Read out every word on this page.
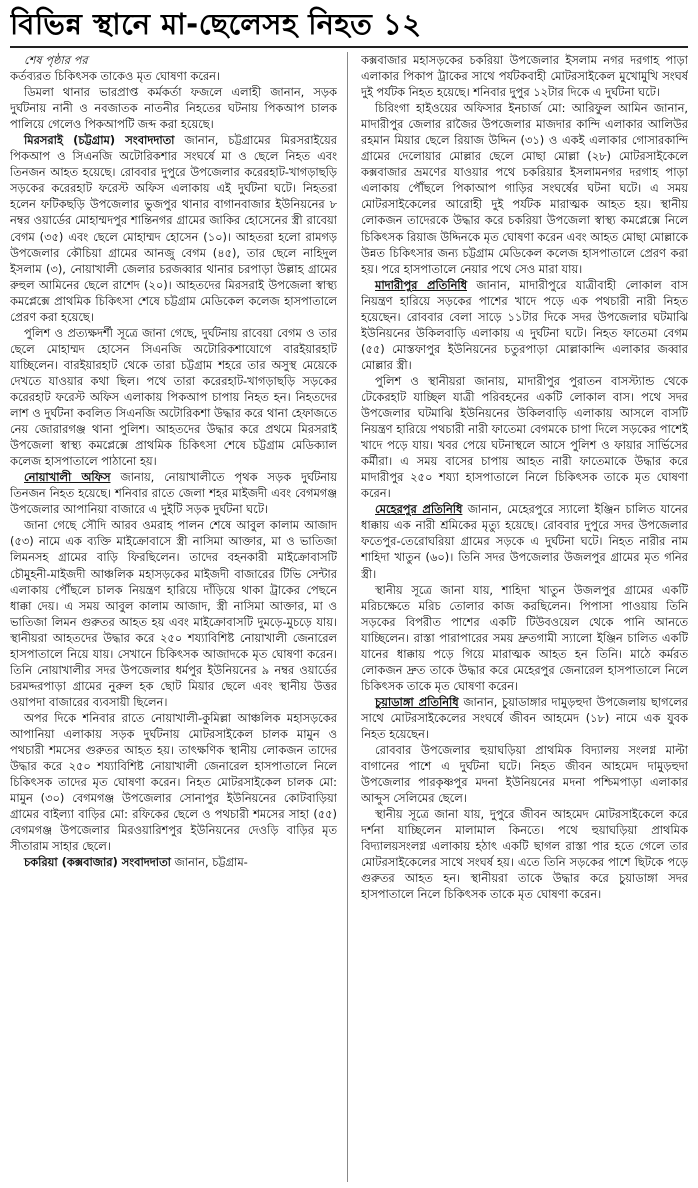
বিভিন্ন স্থানে মা-ছেলেসহ নিহত ১২

শেষ পৃষ্ঠার পর

কর্তব্যরত চিকিৎসক তাকেও মৃত ঘোষণা করেন।

ডিমলা থানার ভারপ্রাপ্ত কর্মকর্তা ফজলে এলাহী জানান, সড়ক দুর্ঘটনায় নানী ও নবজাতক নাতনীর নিহতের ঘটনায় পিকআপ চালক পালিয়ে গেলেও পিকআপটি জব্দ করা হয়েছে।

মিরসরাই (চট্টগ্রাম) সংবাদদাতা জানান, চট্টগ্রামের মিরসরাইয়ের পিকআপ ও সিএনজি অটোরিকশার সংঘর্ষে মা ও ছেলে নিহত এবং তিনজন আহত হয়েছে। রোববার দুপুরে উপজেলার করেরহাট-খাগড়াছড়ি সড়কের করেরহাট ফরেস্ট অফিস এলাকায় এই দুর্ঘটনা ঘটে। নিহতরা হলেন ফটিকছড়ি উপজেলার ভুজপুর থানার বাগানবাজার ইউনিয়নের ৮ নম্বর ওয়ার্ডের মোহাম্মদপুর শান্তিনগর গ্রামের জাকির হোসেনের স্ত্রী রাবেয়া বেগম (৩৫) এবং ছেলে মোহাম্মদ হোসেন (১০)। আহতরা হলো রামগড় উপজেলার কৌচিয়া গ্রামের আনজু বেগম (৪৫), তার ছেলে নাহিদুল ইসলাম (৩), নোয়াখালী জেলার চরজব্বার থানার চরপাড়া উল্লাহ গ্রামের রুহুল আমিনের ছেলে রাশেদ (২০)। আহতদের মিরসরাই উপজেলা স্বাস্থ্য কমপ্লেক্সে প্রাথমিক চিকিৎসা শেষে চট্টগ্রাম মেডিকেল কলেজ হাসপাতালে প্রেরণ করা হয়েছে।

পুলিশ ও প্রত্যক্ষদর্শী সূত্রে জানা গেছে, দুর্ঘটনায় রাবেয়া বেগম ও তার ছেলে মোহাম্মদ হোসেন সিএনজি অটোরিকশাযোগে বারইয়ারহাট যাচ্ছিলেন। বারইয়ারহাট থেকে তারা চট্টগ্রাম শহরে তার অসুস্থ মেয়েকে দেখতে যাওয়ার কথা ছিল। পথে তারা করেরহাট-খাগড়াছড়ি সড়কের করেরহাট ফরেস্ট অফিস এলাকায় পিকআপ চাপায় নিহত হন। নিহতদের লাশ ও দুর্ঘটনা কবলিত সিএনজি অটোরিকশা উদ্ধার করে থানা হেফাজতে নেয় জোরারগঞ্জ থানা পুলিশ। আহতদের উদ্ধার করে প্রথমে মিরসরাই উপজেলা স্বাস্থ্য কমপ্লেক্সে প্রাথমিক চিকিৎসা শেষে চট্টগ্রাম মেডিক্যাল কলেজ হাসপাতালে পাঠানো হয়।

নোয়াখালী অফিস জানায়, নোয়াখালীতে পৃথক সড়ক দুর্ঘটনায় তিনজন নিহত হয়েছে। শনিবার রাতে জেলা শহর মাইজদী এবং বেগমগঞ্জ উপজেলার আপানিয়া বাজারে এ দুইটি সড়ক দুর্ঘটনা ঘটে।

জানা গেছে সৌদি আরব ওমরাহ পালন শেষে আবুল কালাম আজাদ (৫৩) নামে এক ব্যক্তি মাইক্রোবাসে স্ত্রী নাসিমা আক্তার, মা ও ভাতিজা লিমনসহ গ্রামের বাড়ি ফিরছিলেন। তাদের বহনকারী মাইক্রোবাসটি চৌমুহনী-মাইজদী আঞ্চলিক মহাসড়কের মাইজদী বাজারের টিভি সেন্টার এলাকায় পৌঁছলে চালক নিয়ন্ত্রণ হারিয়ে দাঁড়িয়ে থাকা ট্রাকের পেছনে ধাক্কা দেয়। এ সময় আবুল কালাম আজাদ, স্ত্রী নাসিমা আক্তার, মা ও ভাতিজা লিমন গুরুতর আহত হয় এবং মাইক্রোবাসটি দুমড়ে-মুচড়ে যায়। স্থানীয়রা আহতদের উদ্ধার করে ২৫০ শয্যাবিশিষ্ট নোয়াখালী জেনারেল হাসপাতালে নিয়ে যায়। সেখানে চিকিৎসক আজাদকে মৃত ঘোষণা করেন। তিনি নোয়াখালীর সদর উপজেলার ধর্মপুর ইউনিয়নের ৯ নম্বর ওয়ার্ডের চরমদ্দরপাড়া গ্রামের নুরুল হক ছোট মিয়ার ছেলে এবং স্থানীয় উত্তর ওয়াপদা বাজারের ব্যবসায়ী ছিলেন।

অপর দিকে শনিবার রাতে নোয়াখালী-কুমিল্লা আঞ্চলিক মহাসড়কের আপানিয়া এলাকায় সড়ক দুর্ঘটনায় মোটরসাইকেল চালক মামুন ও পথচারী শমসের গুরুতর আহত হয়। তাৎক্ষণিক স্থানীয় লোকজন তাদের উদ্ধার করে ২৫০ শয্যাবিশিষ্ট নোয়াখালী জেনারেল হাসপাতালে নিলে চিকিৎসক তাদের মৃত ঘোষণা করেন। নিহত মোটরসাইকেল চালক মো: মামুন (৩০) বেগমগঞ্জ উপজেলার সোনাপুর ইউনিয়নের কোটবাড়িয়া গ্রামের বাইল্যা বাড়ির মো: রফিকের ছেলে ও পথচারী শমসের সাহা (৫৫) বেগমগঞ্জ উপজেলার মিরওয়ারিশপুর ইউনিয়নের দেওড়ি বাড়ির মৃত সীতারাম সাহার ছেলে।

চকরিয়া (কক্সবাজার) সংবাদদাতা জানান, চট্টগ্রাম-

কক্সবাজার মহাসড়কের চকরিয়া উপজেলার ইসলাম নগর দরগাহ পাড়া এলাকার পিকাপ ট্রাকের সাথে পর্যটকবাহী মোটরসাইকেল মুখোমুখি সংঘর্ষ দুই পর্যটক নিহত হয়েছে। শনিবার দুপুর ১২টার দিকে এ দুর্ঘটনা ঘটে।

চিরিংগা হাইওয়ের অফিসার ইনচার্জ মো: আরিফুল আমিন জানান, মাদারীপুর জেলার রাজৈর উপজেলার মাজদার কান্দি এলাকার আলিউর রহমান মিয়ার ছেলে রিয়াজ উদ্দিন (৩১) ও একই এলাকার গোসারকান্দি গ্রামের দেলোয়ার মোল্লার ছেলে মোছা মোল্লা (২৮) মোটরসাইকেলে কক্সবাজার ভ্রমণের যাওয়ার পথে চকরিয়ার ইসলামনগর দরগাহ পাড়া এলাকায় পৌঁছলে পিকাআপ গাড়ির সংঘর্ষের ঘটনা ঘটে। এ সময় মোটরসাইকেলের আরোহী দুই পর্যটক মারাত্মক আহত হয়। স্থানীয় লোকজন তাদেরকে উদ্ধার করে চকরিয়া উপজেলা স্বাস্থ্য কমপ্লেক্সে নিলে চিকিৎসক রিয়াজ উদ্দিনকে মৃত ঘোষণা করেন এবং আহত মোছা মোল্লাকে উন্নত চিকিৎসার জন্য চট্টগ্রাম মেডিকেল কলেজ হাসপাতালে প্রেরণ করা হয়। পরে হাসপাতালে নেয়ার পথে সেও মারা যায়।

মাদারীপুর প্রতিনিধি জানান, মাদারীপুরে যাত্রীবাহী লোকাল বাস নিয়ন্ত্রণ হারিয়ে সড়কের পাশের খাদে পড়ে এক পথচারী নারী নিহত হয়েছেন। রোববার বেলা সাড়ে ১১টার দিকে সদর উপজেলার ঘটমাঝি ইউনিয়নের উকিলবাড়ি এলাকায় এ দুর্ঘটনা ঘটে। নিহত ফাতেমা বেগম (৫৫) মোস্তফাপুর ইউনিয়নের চতুরপাড়া মোল্লাকান্দি এলাকার জব্বার মোল্লার স্ত্রী।

পুলিশ ও স্থানীয়রা জানায়, মাদারীপুর পুরাতন বাসস্ট্যান্ড থেকে টেকেরহাট যাচ্ছিল যাত্রী পরিবহনের একটি লোকাল বাস। পথে সদর উপজেলার ঘটমাঝি ইউনিয়নের উকিলবাড়ি এলাকায় আসলে বাসটি নিয়ন্ত্রণ হারিয়ে পথচারী নারী ফাতেমা বেগমকে চাপা দিলে সড়কের পাশেই খাদে পড়ে যায়। খবর পেয়ে ঘটনাস্থলে আসে পুলিশ ও ফায়ার সার্ভিসের কর্মীরা। এ সময় বাসের চাপায় আহত নারী ফাতেমাকে উদ্ধার করে মাদারীপুর ২৫০ শয্যা হাসপাতালে নিলে চিকিৎসক তাকে মৃত ঘোষণা করেন।

মেহেরপুর প্রতিনিধি জানান, মেহেরপুরে স্যালো ইঞ্জিন চালিত যানের ধাক্কায় এক নারী শ্রমিকের মৃত্যু হয়েছে। রোববার দুপুরে সদর উপজেলার ফতেপুর-তেরোঘরিয়া গ্রামের সড়কে এ দুর্ঘটনা ঘটে। নিহত নারীর নাম শাহিদা খাতুন (৬০)। তিনি সদর উপজেলার উজলপুর গ্রামের মৃত গনির স্ত্রী।

স্থানীয় সূত্রে জানা যায়, শাহিদা খাতুন উজলপুর গ্রামের একটি মরিচক্ষেতে মরিচ তোলার কাজ করছিলেন। পিপাসা পাওয়ায় তিনি সড়কের বিপরীত পাশের একটি টিউবওয়েল থেকে পানি আনতে যাচ্ছিলেন। রাস্তা পারাপারের সময় দ্রুতগামী স্যালো ইঞ্জিন চালিত একটি যানের ধাক্কায় পড়ে গিয়ে মারাত্মক আহত হন তিনি। মাঠে কর্মরত লোকজন দ্রুত তাকে উদ্ধার করে মেহেরপুর জেনারেল হাসপাতালে নিলে চিকিৎসক তাকে মৃত ঘোষণা করেন।

চুয়াডাঙ্গা প্রতিনিধি জানান, চুয়াডাঙ্গার দামুড়হুদা উপজেলায় ছাগলের সাথে মোটরসাইকেলের সংঘর্ষে জীবন আহমেদ (১৮) নামে এক যুবক নিহত হয়েছেন।

রোববার উপজেলার হুয়াঘড়িয়া প্রাথমিক বিদ্যালয় সংলগ্ন মাল্টা বাগানের পাশে এ দুর্ঘটনা ঘটে। নিহত জীবন আহমেদ দামুড়হুদা উপজেলার পারকৃষ্ণপুর মদনা ইউনিয়নের মদনা পশ্চিমপাড়া এলাকার আব্দুস সেলিমের ছেলে।

স্থানীয় সূত্রে জানা যায়, দুপুরে জীবন আহমেদ মোটরসাইকেলে করে দর্শনা যাচ্ছিলেন মালামাল কিনতে। পথে হুয়াঘড়িয়া প্রাথমিক বিদ্যালয়সংলগ্ন এলাকায় হঠাৎ একটি ছাগল রাস্তা পার হতে গেলে তার মোটরসাইকেলের সাথে সংঘর্ষ হয়। এতে তিনি সড়কের পাশে ছিটকে পড়ে গুরুতর আহত হন। স্থানীয়রা তাকে উদ্ধার করে চুয়াডাঙ্গা সদর হাসপাতালে নিলে চিকিৎসক তাকে মৃত ঘোষণা করেন।
